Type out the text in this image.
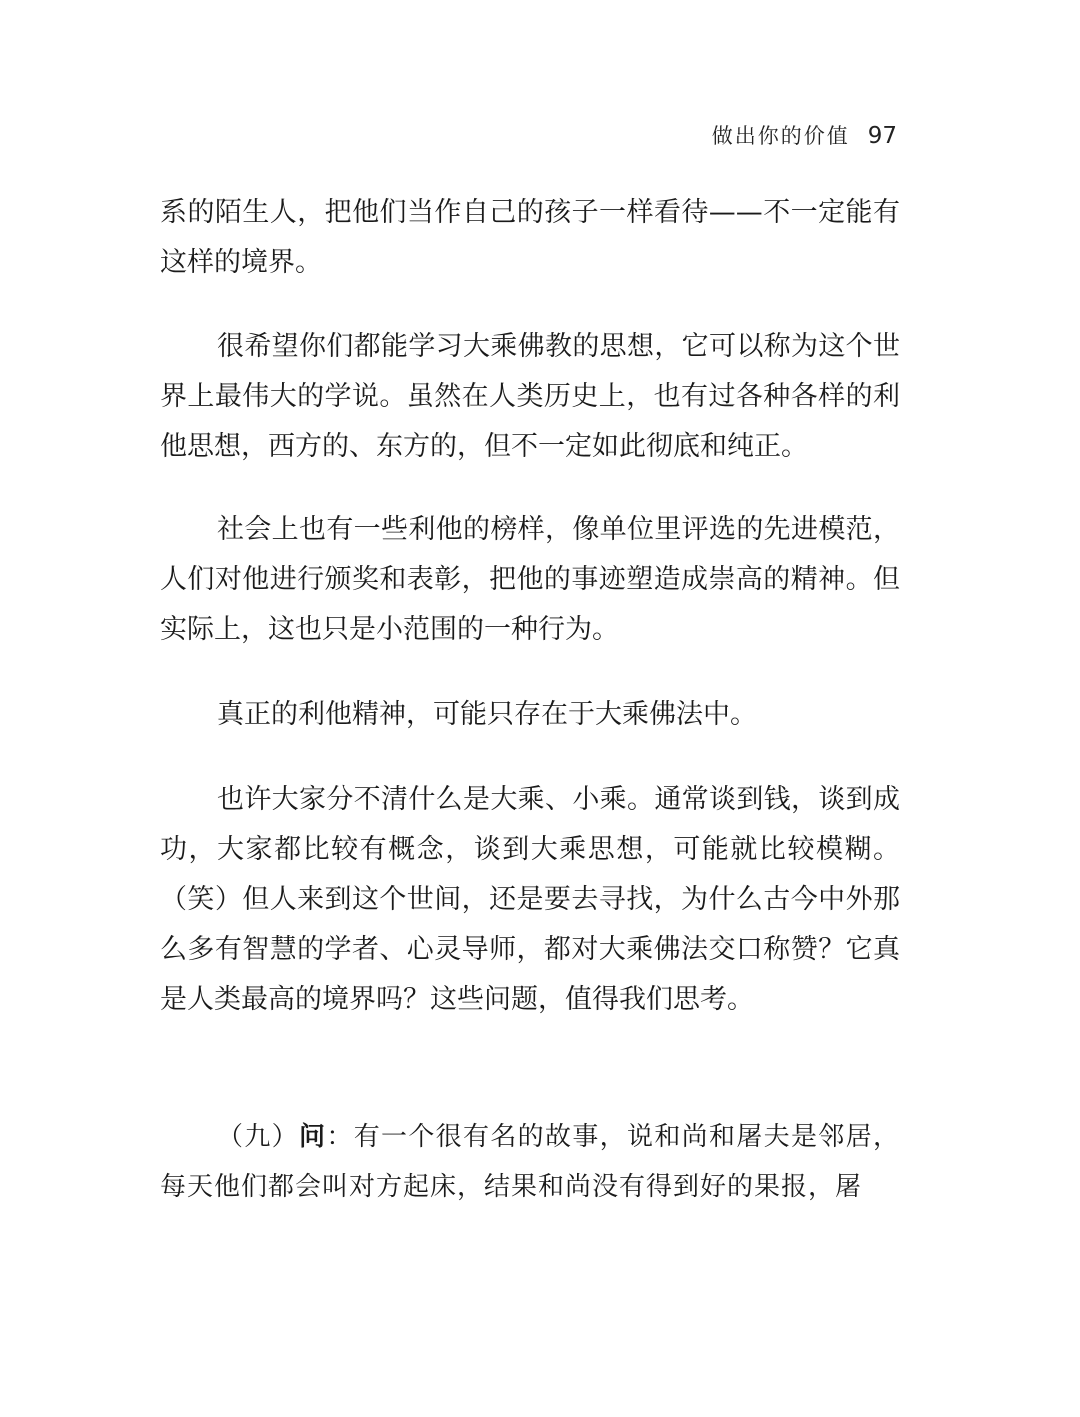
做出你的价值 97

系的陌生人，把他们当作自己的孩子一样看待——不一定能有这样的境界。

很希望你们都能学习大乘佛教的思想，它可以称为这个世界上最伟大的学说。虽然在人类历史上，也有过各种各样的利他思想，西方的、东方的，但不一定如此彻底和纯正。

社会上也有一些利他的榜样，像单位里评选的先进模范，人们对他进行颁奖和表彰，把他的事迹塑造成崇高的精神。但实际上，这也只是小范围的一种行为。

真正的利他精神，可能只存在于大乘佛法中。

也许大家分不清什么是大乘、小乘。通常谈到钱，谈到成功，大家都比较有概念，谈到大乘思想，可能就比较模糊。（笑）但人来到这个世间，还是要去寻找，为什么古今中外那么多有智慧的学者、心灵导师，都对大乘佛法交口称赞？它真是人类最高的境界吗？这些问题，值得我们思考。

（九）问：有一个很有名的故事，说和尚和屠夫是邻居，每天他们都会叫对方起床，结果和尚没有得到好的果报，屠
